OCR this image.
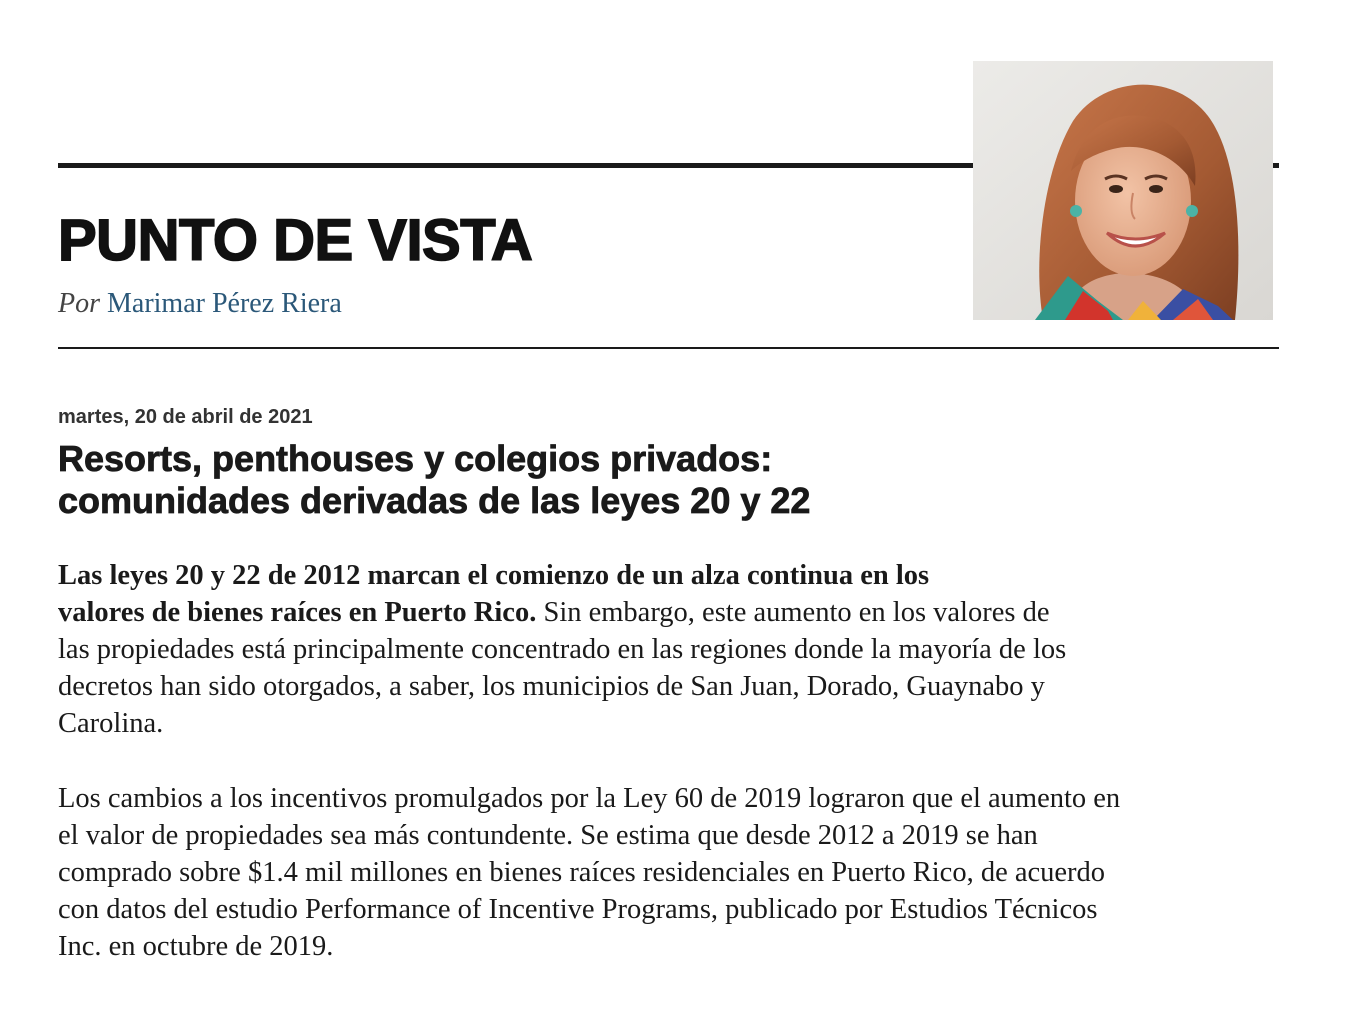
PUNTO DE VISTA
Por Marimar Pérez Riera
martes, 20 de abril de 2021
Resorts, penthouses y colegios privados:
comunidades derivadas de las leyes 20 y 22

Las leyes 20 y 22 de 2012 marcan el comienzo de un alza continua en los
valores de bienes raíces en Puerto Rico. Sin embargo, este aumento en los valores de
las propiedades está principalmente concentrado en las regiones donde la mayoría de los
decretos han sido otorgados, a saber, los municipios de San Juan, Dorado, Guaynabo y
Carolina.

Los cambios a los incentivos promulgados por la Ley 60 de 2019 lograron que el aumento en
el valor de propiedades sea más contundente. Se estima que desde 2012 a 2019 se han
comprado sobre $1.4 mil millones en bienes raíces residenciales en Puerto Rico, de acuerdo
con datos del estudio Performance of Incentive Programs, publicado por Estudios Técnicos
Inc. en octubre de 2019.
